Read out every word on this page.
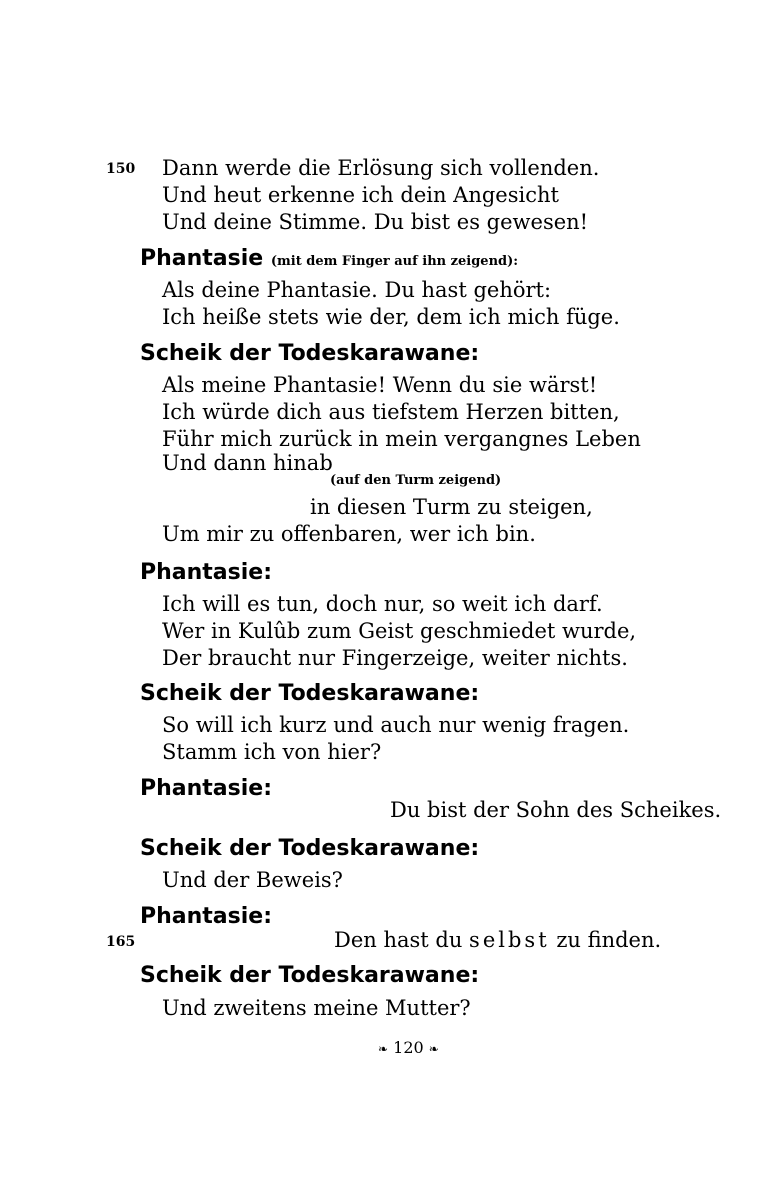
150 Dann werde die Erlösung sich vollenden.
Und heut erkenne ich dein Angesicht
Und deine Stimme. Du bist es gewesen!
Phantasie (mit dem Finger auf ihn zeigend):
Als deine Phantasie. Du hast gehört:
Ich heiße stets wie der, dem ich mich füge.
Scheik der Todeskarawane:
Als meine Phantasie! Wenn du sie wärst!
Ich würde dich aus tiefstem Herzen bitten,
Führ mich zurück in mein vergangnes Leben
Und dann hinab
(auf den Turm zeigend)
in diesen Turm zu steigen,
Um mir zu offenbaren, wer ich bin.
Phantasie:
Ich will es tun, doch nur, so weit ich darf.
Wer in Kulûb zum Geist geschmiedet wurde,
Der braucht nur Fingerzeige, weiter nichts.
Scheik der Todeskarawane:
So will ich kurz und auch nur wenig fragen.
Stamm ich von hier?
Phantasie:
Du bist der Sohn des Scheikes.
Scheik der Todeskarawane:
Und der Beweis?
Phantasie:
165	Den hast du selbst zu finden.
Scheik der Todeskarawane:
Und zweitens meine Mutter?
❧ 120 ❧
